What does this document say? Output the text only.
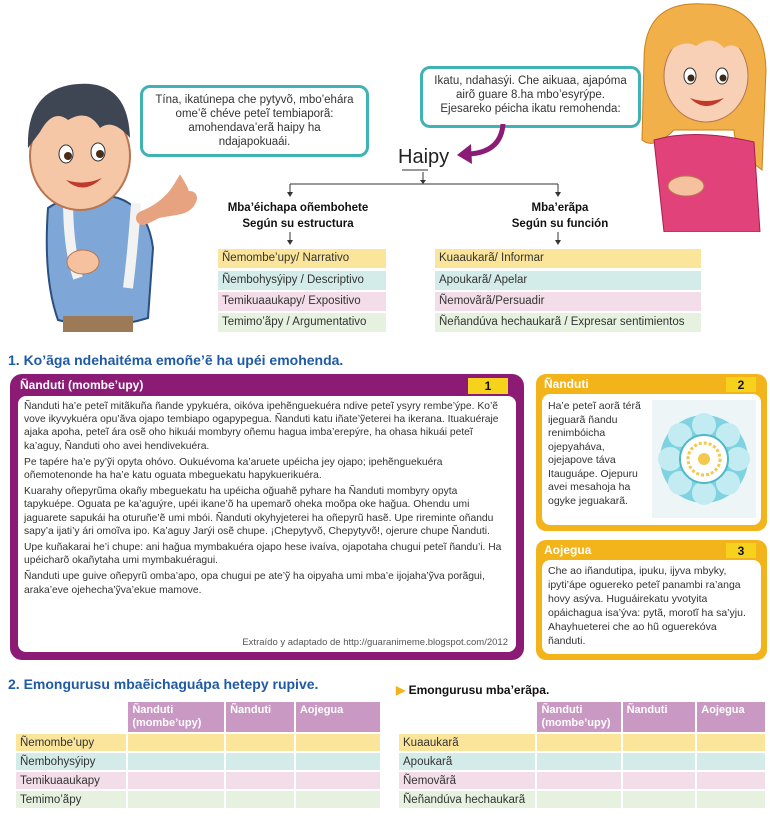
Tína, ikatúnepa che pytyvõ, mbo’ehára ome’ẽ chéve peteĩ tembiaporã: amohendava’erã haipy ha ndajapokuaái.
Ikatu, ndahasýi. Che aikuaa, ajapóma airõ guare 8.ha mbo’esyrýpe. Ejesareko péicha ikatu remohenda:
Haipy
Mba’éichapa oñembohete
Según su estructura
Mba’erãpa
Según su función
Ñemombe’upy/ Narrativo
Ñembohysýipy / Descriptivo
Temikuaaukapy/ Expositivo
Temimo’ãpy / Argumentativo
Kuaaukarã/ Informar
Apoukarã/ Apelar
Ñemovãrã/Persuadir
Ñeñandúva hechaukarã / Expresar sentimientos
1. Ko’ãga ndehaitéma emoñe’ẽ ha upéi emohenda.
Ñanduti (mombe’upy)	1

Ñanduti ha’e peteĩ mitãkuña ñande ypykuéra, oikóva ipehẽnguekuéra ndive peteĩ ysyry rembe’ýpe. Ko’ẽ vove ikyvykuéra opu’ãva ojapo tembiapo ogapypegua. Ñanduti katu iñate’ỹeterei ha ikerana. Ituakuéraje ajaka apoha, peteĩ ára osẽ oho hikuái mombyry oñemu hagua imba’erepýre, ha ohasa hikuái peteĩ ka’aguy, Ñanduti oho avei hendivekuéra.

Pe tapére ha’e py’ỹi opyta ohóvo. Oukuévoma ka’aruete upéicha jey ojapo; ipehẽnguekuéra oñemotenonde ha ha’e katu oguata mbeguekatu hapykuerikuéra.

Kuarahy oñepyrũma okañy mbeguekatu ha upéicha oğuahẽ pyhare ha Ñanduti mombyry opyta tapykuépe. Oguata pe ka’aguýre, upéi ikane’õ ha upemarõ oheka moõpa oke hağua. Ohendu umi jaguarete sapukái ha oturuñe’ẽ umi mbói. Ñanduti okyhyjeterei ha oñepyrũ hasẽ. Upe rireminte oñandu sapy’a ijati’y ári omoĩva ipo. Ka’aguy Jarýi osẽ chupe. ¡Chepytyvõ, Chepytyvõ!, ojerure chupe Ñanduti.

Upe kuñakarai he’i chupe: ani hağua mymbakuéra ojapo hese ivaíva, ojapotaha chugui peteĩ ñandu’i. Ha upéicharõ okañytaha umi mymbakuéragui.

Ñanduti upe guive oñepyrũ omba’apo, opa chugui pe ate’ỹ ha oipyaha umi mba’e ijojaha’ỹva porãgui, araka’eve ojehecha’ỹva’ekue mamove.

Extraído y adaptado de http://guaranimeme.blogspot.com/2012
Ñanduti	2
Ha’e peteĩ aorã térã ijeguarã ñandu renimbóicha ojepyaháva, ojejapove táva Itauguápe. Ojepuru avei mesahoja ha ogyke jeguakarã.
Aojegua	3
Che ao iñandutipa, ipuku, ijyva mbyky, ipyti’ápe oguereko peteĩ panambi ra’anga hovy asýva. Huguáirekatu yvotyita opáichagua isa’ýva: pytã, morotĩ ha sa’yju. Ahayhueterei che ao hũ oguerekóva ñanduti.
2. Emongurusu mbaẽichaguápa hetepy rupive.	▶ Emongurusu mba’erãpa.
	Ñanduti (mombe’upy)	Ñanduti	Aojegua
Ñemombe’upy			
Ñembohysýipy			
Temikuaaukapy			
Temimo’ãpy			
	Ñanduti (mombe’upy)	Ñanduti	Aojegua
Kuaaukarã			
Apoukarã			
Ñemovãrã			
Ñeñandúva hechaukarã			
